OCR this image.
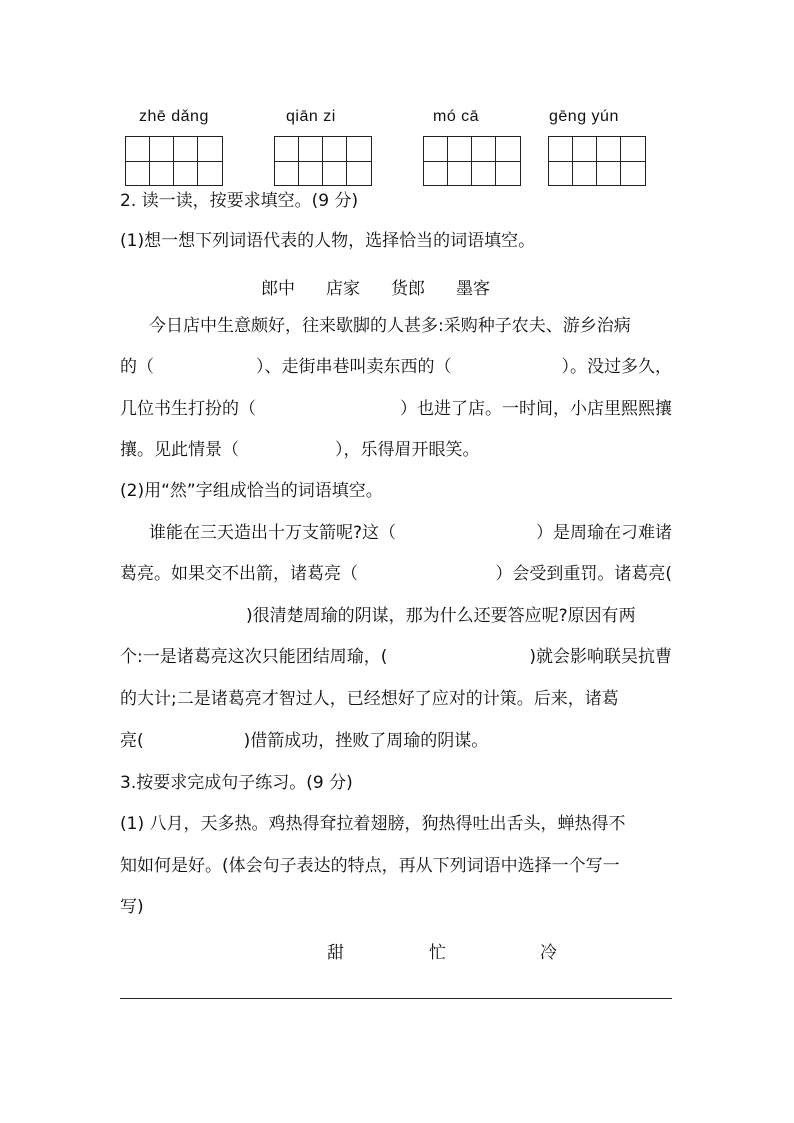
zhē dǎng	qiān zi	mó cā	gēng yún
2. 读一读，按要求填空。(9 分)
(1)想一想下列词语代表的人物，选择恰当的词语填空。
郎中 店家 货郎 墨客
今日店中生意颇好，往来歇脚的人甚多:采购种子农夫、游乡治病
的（	）、走街串巷叫卖东西的（	）。没过多久，
几位书生打扮的（	）也进了店。一时间，小店里熙熙攘
攘。见此情景（	），乐得眉开眼笑。
(2)用“然”字组成恰当的词语填空。
谁能在三天造出十万支箭呢?这（	）是周瑜在刁难诸
葛亮。如果交不出箭，诸葛亮（	）会受到重罚。诸葛亮(
)很清楚周瑜的阴谋，那为什么还要答应呢?原因有两
个:一是诸葛亮这次只能团结周瑜，(	)就会影响联吴抗曹
的大计;二是诸葛亮才智过人，已经想好了应对的计策。后来，诸葛
亮(	)借箭成功，挫败了周瑜的阴谋。
3.按要求完成句子练习。(9 分)
(1) 八月，天多热。鸡热得耷拉着翅膀，狗热得吐出舌头，蝉热得不
知如何是好。(体会句子表达的特点，再从下列词语中选择一个写一
写)
甜	忙	冷
